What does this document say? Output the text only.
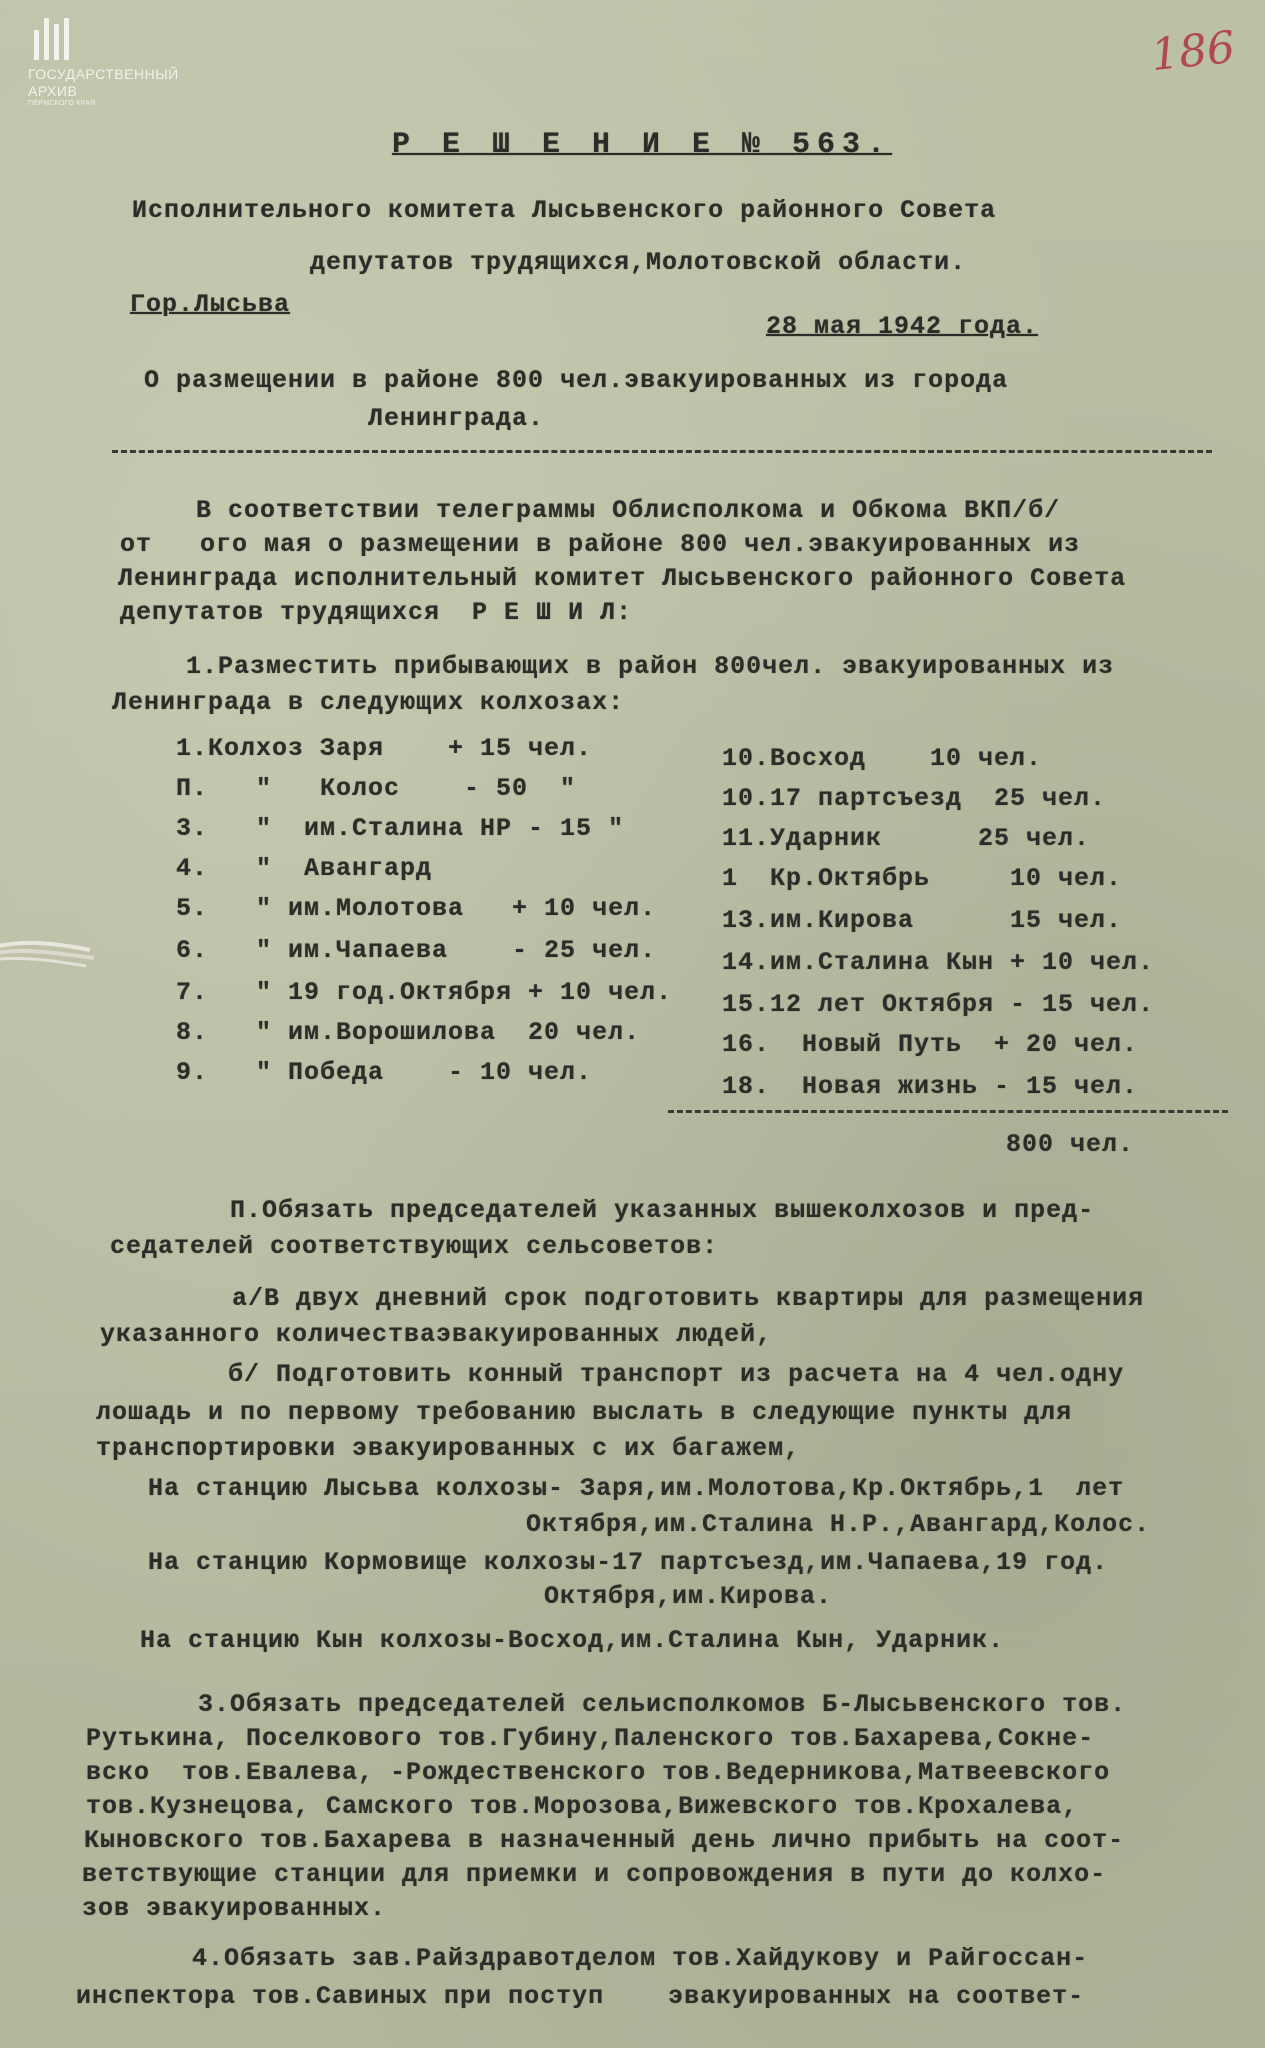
ГОСУДАРСТВЕННЫЙ
АРХИВ
ПЕРМСКОГО КРАЯ
186
Р Е Ш Е Н И Е № 563.
Исполнительного комитета Лысьвенского районного Совета
депутатов трудящихся,Молотовской области.
Гор.Лысьва
28 мая 1942 года.
О размещении в районе 800 чел.эвакуированных из города
Ленинграда.
В соответствии телеграммы Облисполкома и Обкома ВКП/б/
от   ого мая о размещении в районе 800 чел.эвакуированных из
Ленинграда исполнительный комитет Лысьвенского районного Совета
депутатов трудящихся  Р Е Ш И Л:
1.Разместить прибывающих в район 800чел. эвакуированных из
Ленинграда в следующих колхозах:
1.Колхоз Заря    + 15 чел.
П.   "   Колос    - 50  "
3.   "  им.Сталина НР - 15 "
4.   "  Авангард
5.   " им.Молотова   + 10 чел.
6.   " им.Чапаева    - 25 чел.
7.   " 19 год.Октября + 10 чел.
8.   " им.Ворошилова  20 чел.
9.   " Победа    - 10 чел.
10.Восход    10 чел.
10.17 партсъезд  25 чел.
11.Ударник      25 чел.
1  Кр.Октябрь     10 чел.
13.им.Кирова      15 чел.
14.им.Сталина Кын + 10 чел.
15.12 лет Октября - 15 чел.
16.  Новый Путь  + 20 чел.
18.  Новая жизнь - 15 чел.
800 чел.
П.Обязать председателей указанных вышеколхозов и пред-
седателей соответствующих сельсоветов:
а/В двух дневний срок подготовить квартиры для размещения
указанного количестваэвакуированных людей,
б/ Подготовить конный транспорт из расчета на 4 чел.одну
лошадь и по первому требованию выслать в следующие пункты для
транспортировки эвакуированных с их багажем,
На станцию Лысьва колхозы- Заря,им.Молотова,Кр.Октябрь,1  лет
Октября,им.Сталина Н.Р.,Авангард,Колос.
На станцию Кормовище колхозы-17 партсъезд,им.Чапаева,19 год.
Октября,им.Кирова.
На станцию Кын колхозы-Восход,им.Сталина Кын, Ударник.
3.Обязать председателей сельисполкомов Б-Лысьвенского тов.
Рутькина, Поселкового тов.Губину,Паленского тов.Бахарева,Сокне-
вско  тов.Евалева, -Рождественского тов.Ведерникова,Матвеевского
тов.Кузнецова, Самского тов.Морозова,Вижевского тов.Крохалева,
Кыновского тов.Бахарева в назначенный день лично прибыть на соот-
ветствующие станции для приемки и сопровождения в пути до колхо-
зов эвакуированных.
4.Обязать зав.Райздравотделом тов.Хайдукову и Райгоссан-
инспектора тов.Савиных при поступ    эвакуированных на соответ-
